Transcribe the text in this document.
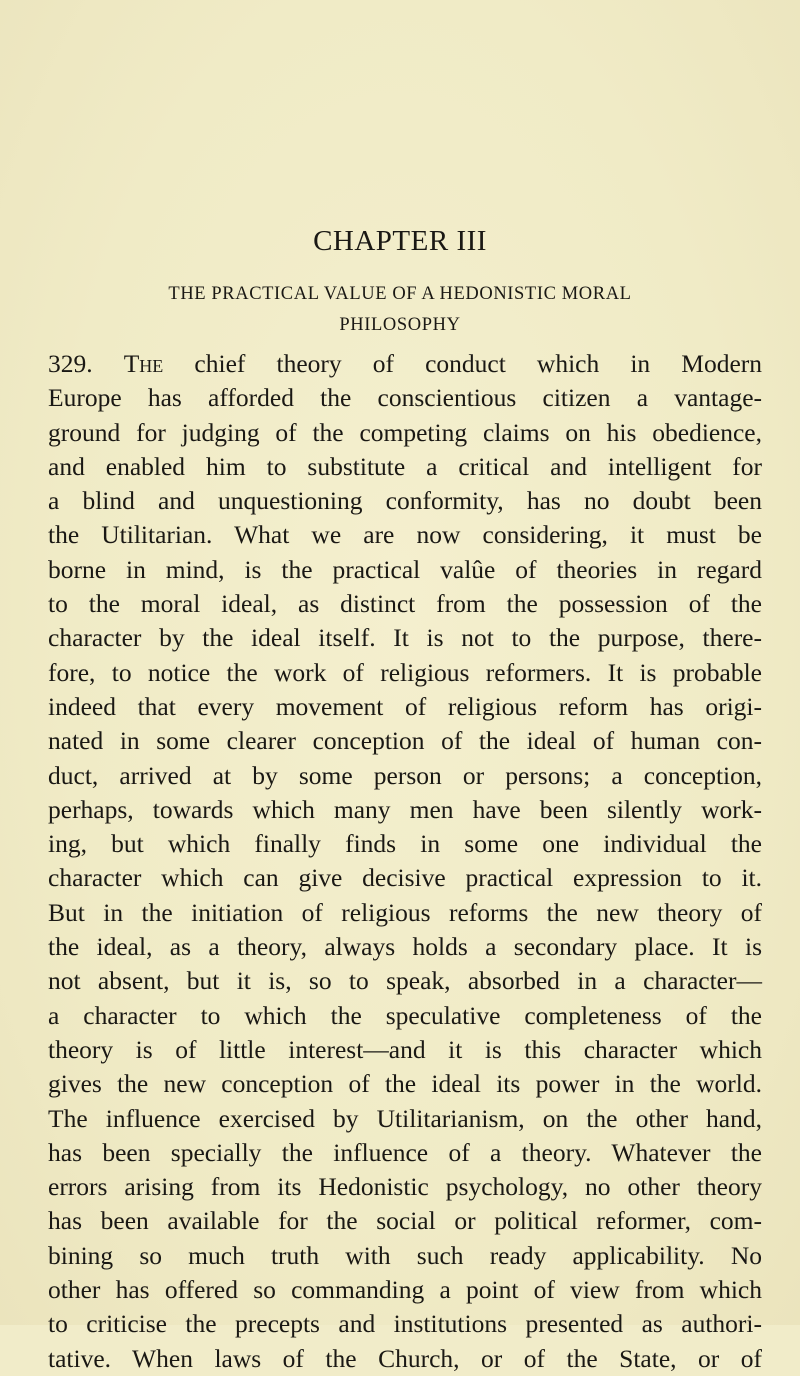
CHAPTER III
THE PRACTICAL VALUE OF A HEDONISTIC MORAL
PHILOSOPHY
329. The chief theory of conduct which in Modern
Europe has afforded the conscientious citizen a vantage-
ground for judging of the competing claims on his obedience,
and enabled him to substitute a critical and intelligent for
a blind and unquestioning conformity, has no doubt been
the Utilitarian. What we are now considering, it must be
borne in mind, is the practical valûe of theories in regard
to the moral ideal, as distinct from the possession of the
character by the ideal itself. It is not to the purpose, there-
fore, to notice the work of religious reformers. It is probable
indeed that every movement of religious reform has origi-
nated in some clearer conception of the ideal of human con-
duct, arrived at by some person or persons; a conception,
perhaps, towards which many men have been silently work-
ing, but which finally finds in some one individual the
character which can give decisive practical expression to it.
But in the initiation of religious reforms the new theory of
the ideal, as a theory, always holds a secondary place. It is
not absent, but it is, so to speak, absorbed in a character—
a character to which the speculative completeness of the
theory is of little interest—and it is this character which
gives the new conception of the ideal its power in the world.
The influence exercised by Utilitarianism, on the other hand,
has been specially the influence of a theory. Whatever the
errors arising from its Hedonistic psychology, no other theory
has been available for the social or political reformer, com-
bining so much truth with such ready applicability. No
other has offered so commanding a point of view from which
to criticise the precepts and institutions presented as authori-
tative. When laws of the Church, or of the State, or of
